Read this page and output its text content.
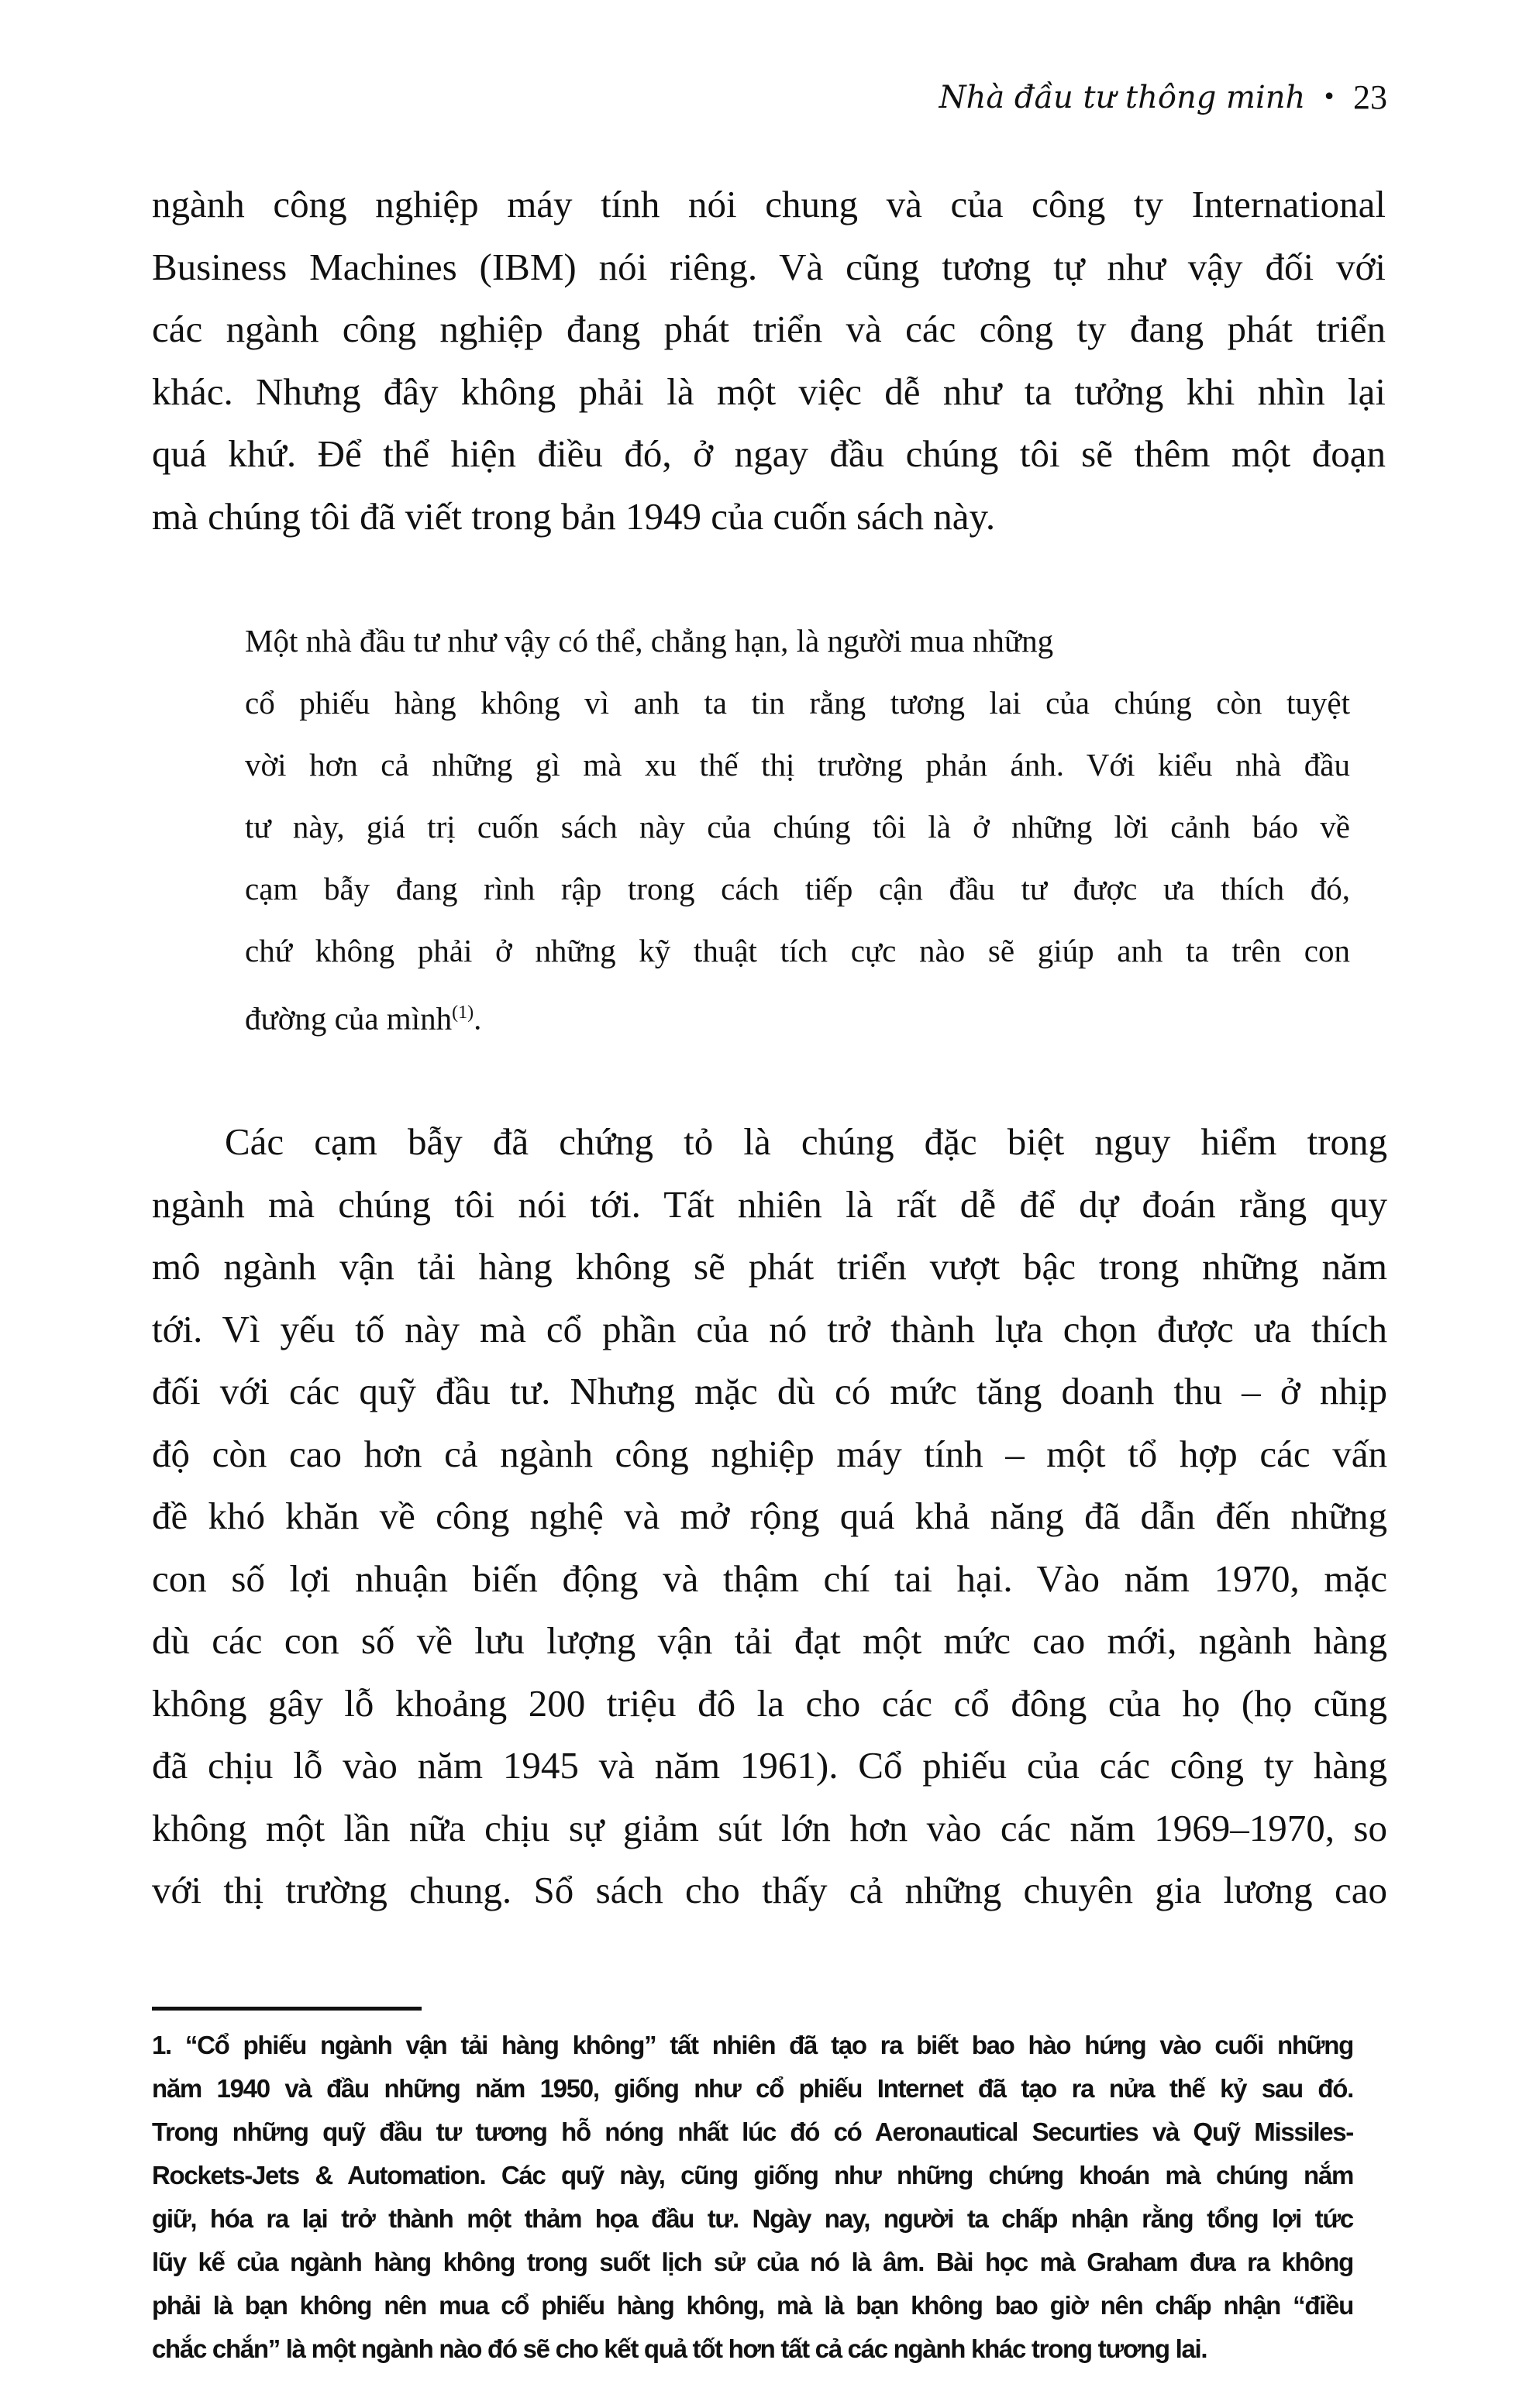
Nhà đầu tư thông minh • 23
ngành công nghiệp máy tính nói chung và của công ty International
Business Machines (IBM) nói riêng. Và cũng tương tự như vậy đối với
các ngành công nghiệp đang phát triển và các công ty đang phát triển
khác. Nhưng đây không phải là một việc dễ như ta tưởng khi nhìn lại
quá khứ. Để thể hiện điều đó, ở ngay đầu chúng tôi sẽ thêm một đoạn
mà chúng tôi đã viết trong bản 1949 của cuốn sách này.
Một nhà đầu tư như vậy có thể, chẳng hạn, là người mua những
cổ phiếu hàng không vì anh ta tin rằng tương lai của chúng còn tuyệt
vời hơn cả những gì mà xu thế thị trường phản ánh. Với kiểu nhà đầu
tư này, giá trị cuốn sách này của chúng tôi là ở những lời cảnh báo về
cạm bẫy đang rình rập trong cách tiếp cận đầu tư được ưa thích đó,
chứ không phải ở những kỹ thuật tích cực nào sẽ giúp anh ta trên con
đường của mình$^{(1)}$.
Các cạm bẫy đã chứng tỏ là chúng đặc biệt nguy hiểm trong
ngành mà chúng tôi nói tới. Tất nhiên là rất dễ để dự đoán rằng quy
mô ngành vận tải hàng không sẽ phát triển vượt bậc trong những năm
tới. Vì yếu tố này mà cổ phần của nó trở thành lựa chọn được ưa thích
đối với các quỹ đầu tư. Nhưng mặc dù có mức tăng doanh thu – ở nhịp
độ còn cao hơn cả ngành công nghiệp máy tính – một tổ hợp các vấn
đề khó khăn về công nghệ và mở rộng quá khả năng đã dẫn đến những
con số lợi nhuận biến động và thậm chí tai hại. Vào năm 1970, mặc
dù các con số về lưu lượng vận tải đạt một mức cao mới, ngành hàng
không gây lỗ khoảng 200 triệu đô la cho các cổ đông của họ (họ cũng
đã chịu lỗ vào năm 1945 và năm 1961). Cổ phiếu của các công ty hàng
không một lần nữa chịu sự giảm sút lớn hơn vào các năm 1969–1970, so
với thị trường chung. Sổ sách cho thấy cả những chuyên gia lương cao
1. “Cổ phiếu ngành vận tải hàng không” tất nhiên đã tạo ra biết bao hào hứng vào cuối những
năm 1940 và đầu những năm 1950, giống như cổ phiếu Internet đã tạo ra nửa thế kỷ sau đó.
Trong những quỹ đầu tư tương hỗ nóng nhất lúc đó có Aeronautical Securties và Quỹ Missiles-
Rockets-Jets & Automation. Các quỹ này, cũng giống như những chứng khoán mà chúng nắm
giữ, hóa ra lại trở thành một thảm họa đầu tư. Ngày nay, người ta chấp nhận rằng tổng lợi tức
lũy kế của ngành hàng không trong suốt lịch sử của nó là âm. Bài học mà Graham đưa ra không
phải là bạn không nên mua cổ phiếu hàng không, mà là bạn không bao giờ nên chấp nhận “điều
chắc chắn” là một ngành nào đó sẽ cho kết quả tốt hơn tất cả các ngành khác trong tương lai.
